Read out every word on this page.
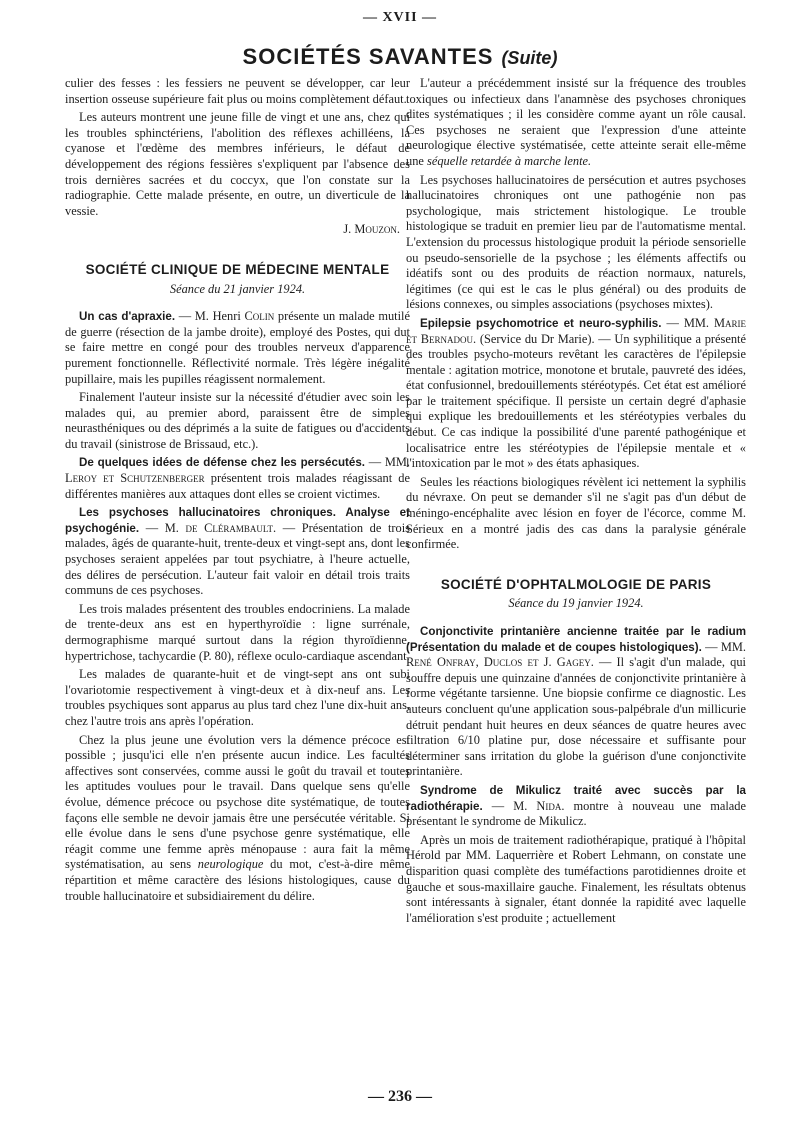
— XVII —
SOCIÉTÉS SAVANTES (Suite)

culier des fesses : les fessiers ne peuvent se développer, car leur insertion osseuse supérieure fait plus ou moins complètement défaut.

Les auteurs montrent une jeune fille de vingt et une ans, chez qui les troubles sphinctériens, l'abolition des réflexes achilléens, la cyanose et l'œdème des membres inférieurs, le défaut de développement des régions fessières s'expliquent par l'absence des trois dernières sacrées et du coccyx, que l'on constate sur la radiographie. Cette malade présente, en outre, un diverticule de la vessie.

J. Mouzon.

SOCIÉTÉ CLINIQUE DE MÉDECINE MENTALE

Séance du 21 janvier 1924.

Un cas d'apraxie. — M. Henri Colin présente un malade mutilé de guerre (résection de la jambe droite), employé des Postes, qui dut se faire mettre en congé pour des troubles nerveux d'apparence purement fonctionnelle. Réflectivité normale. Très légère inégalité pupillaire, mais les pupilles réagissent normalement.

Finalement l'auteur insiste sur la nécessité d'étudier avec soin les malades qui, au premier abord, paraissent être de simples neurasthéniques ou des déprimés a la suite de fatigues ou d'accidents du travail (sinistrose de Brissaud, etc.).

De quelques idées de défense chez les persécutés. — MM. Leroy et Schutzenberger présentent trois malades réagissant de différentes manières aux attaques dont elles se croient victimes.

Les psychoses hallucinatoires chroniques. Analyse et psychogénie. — M. de Clérambault. — Présentation de trois malades, âgés de quarante-huit, trente-deux et vingt-sept ans, dont les psychoses seraient appelées par tout psychiatre, à l'heure actuelle, des délires de persécution. L'auteur fait valoir en détail trois traits communs de ces psychoses.

Les trois malades présentent des troubles endocriniens. La malade de trente-deux ans est en hyperthyroïdie : ligne surrénale, dermographisme marqué surtout dans la région thyroïdienne, hypertrichose, tachycardie (P. 80), réflexe oculo-cardiaque ascendant.

Les malades de quarante-huit et de vingt-sept ans ont subi l'ovariotomie respectivement à vingt-deux et à dix-neuf ans. Les troubles psychiques sont apparus au plus tard chez l'une dix-huit ans, chez l'autre trois ans après l'opération.

Chez la plus jeune une évolution vers la démence précoce est possible ; jusqu'ici elle n'en présente aucun indice. Les facultés affectives sont conservées, comme aussi le goût du travail et toutes les aptitudes voulues pour le travail. Dans quelque sens qu'elle évolue, démence précoce ou psychose dite systématique, de toutes façons elle semble ne devoir jamais être une persécutée véritable. Si elle évolue dans le sens d'une psychose genre systématique, elle réagit comme une femme après ménopause : aura fait la même systématisation, au sens neurologique du mot, c'est-à-dire même répartition et même caractère des lésions histologiques, cause du trouble hallucinatoire et subsidiairement du délire.

L'auteur a précédemment insisté sur la fréquence des troubles toxiques ou infectieux dans l'anamnèse des psychoses chroniques dites systématiques ; il les considère comme ayant un rôle causal. Ces psychoses ne seraient que l'expression d'une atteinte neurologique élective systématisée, cette atteinte serait elle-même une séquelle retardée à marche lente.

Les psychoses hallucinatoires de persécution et autres psychoses hallucinatoires chroniques ont une pathogénie non pas psychologique, mais strictement histologique. Le trouble histologique se traduit en premier lieu par de l'automatisme mental. L'extension du processus histologique produit la période sensorielle ou pseudo-sensorielle de la psychose ; les éléments affectifs ou idéatifs sont ou des produits de réaction normaux, naturels, légitimes (ce qui est le cas le plus général) ou des produits de lésions connexes, ou simples associations (psychoses mixtes).

Epilepsie psychomotrice et neuro-syphilis. — MM. Marie et Bernadou. (Service du Dr Marie). — Un syphilitique a présenté des troubles psycho-moteurs revêtant les caractères de l'épilepsie mentale : agitation motrice, monotone et brutale, pauvreté des idées, état confusionnel, bredouillements stéréotypés. Cet état est amélioré par le traitement spécifique. Il persiste un certain degré d'aphasie qui explique les bredouillements et les stéréotypies verbales du début. Ce cas indique la possibilité d'une parenté pathogénique et localisatrice entre les stéréotypies de l'épilepsie mentale et « l'intoxication par le mot » des états aphasiques.

Seules les réactions biologiques révèlent ici nettement la syphilis du névraxe. On peut se demander s'il ne s'agit pas d'un début de méningo-encéphalite avec lésion en foyer de l'écorce, comme M. Sérieux en a montré jadis des cas dans la paralysie générale confirmée.

SOCIÉTÉ D'OPHTALMOLOGIE DE PARIS

Séance du 19 janvier 1924.

Conjonctivite printanière ancienne traitée par le radium (Présentation du malade et de coupes histologiques). — MM. René Onfray, Duclos et J. Gagey. — Il s'agit d'un malade, qui souffre depuis une quinzaine d'années de conjonctivite printanière à forme végétante tarsienne. Une biopsie confirme ce diagnostic. Les auteurs concluent qu'une application sous-palpébrale d'un millicurie détruit pendant huit heures en deux séances de quatre heures avec filtration 6/10 platine pur, dose nécessaire et suffisante pour déterminer sans irritation du globe la guérison d'une conjonctivite printanière.

Syndrome de Mikulicz traité avec succès par la radiothérapie. — M. Nida. montre à nouveau une malade présentant le syndrome de Mikulicz.

Après un mois de traitement radiothérapique, pratiqué à l'hôpital Hérold par MM. Laquerrière et Robert Lehmann, on constate une disparition quasi complète des tuméfactions parotidiennes droite et gauche et sous-maxillaire gauche. Finalement, les résultats obtenus sont intéressants à signaler, étant donnée la rapidité avec laquelle l'amélioration s'est produite ; actuellement

— 236 —
